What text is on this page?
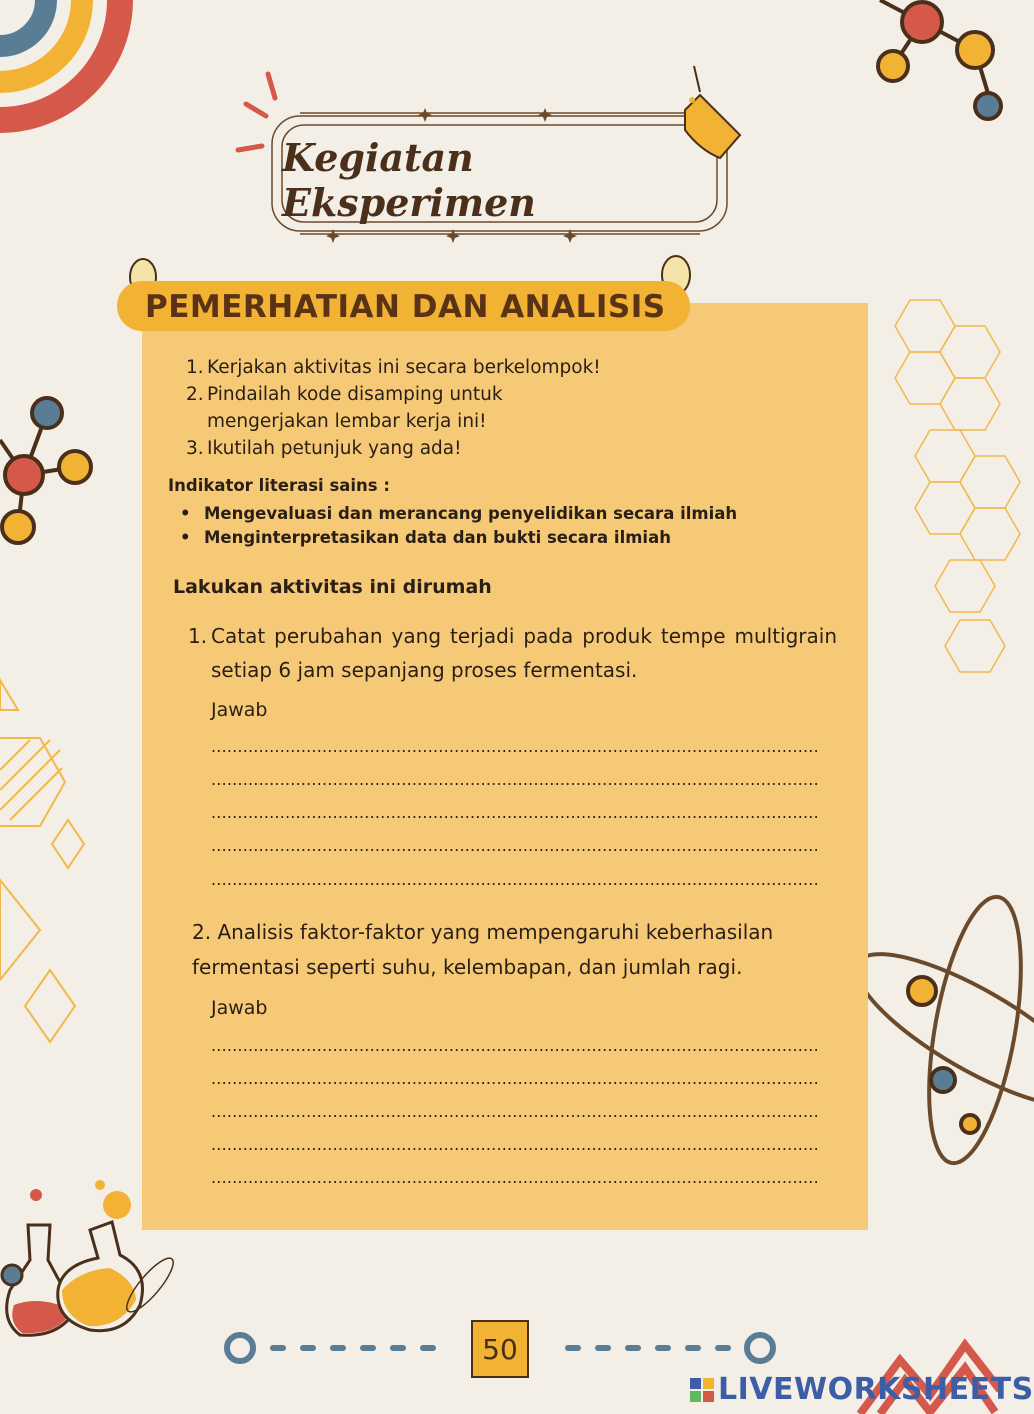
Kegiatan Eksperimen
PEMERHATIAN DAN ANALISIS
1. Kerjakan aktivitas ini secara berkelompok!
2. Pindailah kode disamping untuk mengerjakan lembar kerja ini!
3. Ikutilah petunjuk yang ada!
Indikator literasi sains :
• Mengevaluasi dan merancang penyelidikan secara ilmiah
• Menginterpretasikan data dan bukti secara ilmiah
Lakukan aktivitas ini dirumah
1. Catat perubahan yang terjadi pada produk tempe multigrain setiap 6 jam sepanjang proses fermentasi.
Jawab
...................................................................................................................
...................................................................................................................
...................................................................................................................
...................................................................................................................
...................................................................................................................
2. Analisis faktor-faktor yang mempengaruhi keberhasilan fermentasi seperti suhu, kelembapan, dan jumlah ragi.
Jawab
...................................................................................................................
...................................................................................................................
...................................................................................................................
...................................................................................................................
...................................................................................................................
50
LIVEWORKSHEETS
